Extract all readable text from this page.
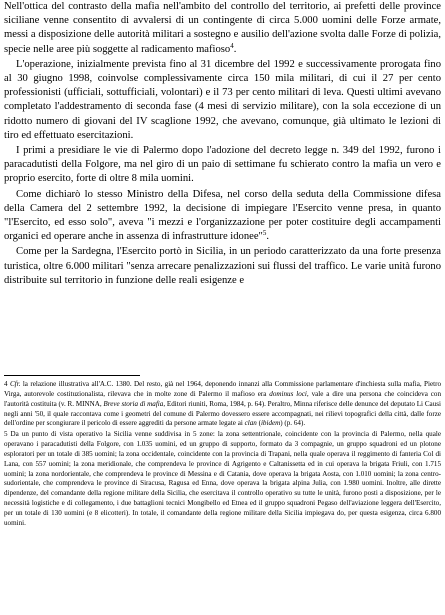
Nell'ottica del contrasto della mafia nell'ambito del controllo del territorio, ai prefetti delle province siciliane venne consentito di avvalersi di un contingente di circa 5.000 uomini delle Forze armate, messi a disposizione delle autorità militari a sostegno e ausilio dell'azione svolta dalle Forze di polizia, specie nelle aree più soggette al radicamento mafioso$^4$.

L'operazione, inizialmente prevista fino al 31 dicembre del 1992 e successivamente prorogata fino al 30 giugno 1998, coinvolse complessivamente circa 150 mila militari, di cui il 27 per cento professionisti (ufficiali, sottufficiali, volontari) e il 73 per cento militari di leva. Questi ultimi avevano completato l'addestramento di seconda fase (4 mesi di servizio militare), con la sola eccezione di un ridotto numero di giovani del IV scaglione 1992, che avevano, comunque, già ultimato le lezioni di tiro ed effettuato esercitazioni.

I primi a presidiare le vie di Palermo dopo l'adozione del decreto legge n. 349 del 1992, furono i paracadutisti della Folgore, ma nel giro di un paio di settimane fu schierato contro la mafia un vero e proprio esercito, forte di oltre 8 mila uomini.

Come dichiarò lo stesso Ministro della Difesa, nel corso della seduta della Commissione difesa della Camera del 2 settembre 1992, la decisione di impiegare l'Esercito venne presa, in quanto "l'Esercito, ed esso solo", aveva "i mezzi e l'organizzazione per poter costituire degli accampamenti organici ed operare anche in assenza di infrastrutture idonee"$^5$.

Come per la Sardegna, l'Esercito portò in Sicilia, in un periodo caratterizzato da una forte presenza turistica, oltre 6.000 militari "senza arrecare penalizzazioni sui flussi del traffico. Le varie unità furono distribuite sul territorio in funzione delle reali esigenze e

4 Cfr. la relazione illustrativa all'A.C. 1380. Del resto, già nel 1964, deponendo innanzi alla Commissione parlamentare d'inchiesta sulla mafia, Pietro Virga, autorevole costituzionalista, rilevava che in molte zone di Palermo il mafioso era dominus loci, vale a dire una persona che coincideva con l'autorità costituita (v. R. MINNA, Breve storia di mafia, Editori riuniti, Roma, 1984, p. 64). Peraltro, Minna riferisce delle denunce del deputato Li Causi negli anni '50, il quale raccontava come i geometri del comune di Palermo dovessero essere accompagnati, nei rilievi topografici della città, dalle forze dell'ordine per scongiurare il pericolo di essere aggrediti da persone armate legate ai clan (ibidem) (p. 64).

5 Da un punto di vista operativo la Sicilia venne suddivisa in 5 zone: la zona settentrionale, coincidente con la provincia di Palermo, nella quale operavano i paracadutisti della Folgore, con 1.035 uomini, ed un gruppo di supporto, formato da 3 compagnie, un gruppo squadroni ed un plotone esploratori per un totale di 385 uomini; la zona occidentale, coincidente con la provincia di Trapani, nella quale operava il reggimento di fanteria Col di Lana, con 557 uomini; la zona meridionale, che comprendeva le province di Agrigento e Caltanissetta ed in cui operava la brigata Friuli, con 1.715 uomini; la zona nordorientale, che comprendeva le province di Messina e di Catania, dove operava la brigata Aosta, con 1.010 uomini; la zona centro-sudorientale, che comprendeva le province di Siracusa, Ragusa ed Enna, dove operava la brigata alpina Julia, con 1.980 uomini. Inoltre, alle dirette dipendenze, del comandante della regione militare della Sicilia, che esercitava il controllo operativo su tutte le unità, furono posti a disposizione, per le necessità logistiche e di collegamento, i due battaglioni tecnici Mongibello ed Etnea ed il gruppo squadroni Pegaso dell'aviazione leggera dell'Esercito, per un totale di 130 uomini (e 8 elicotteri). In totale, il comandante della regione militare della Sicilia impiegava do, per questa esigenza, circa 6.800 uomini.
